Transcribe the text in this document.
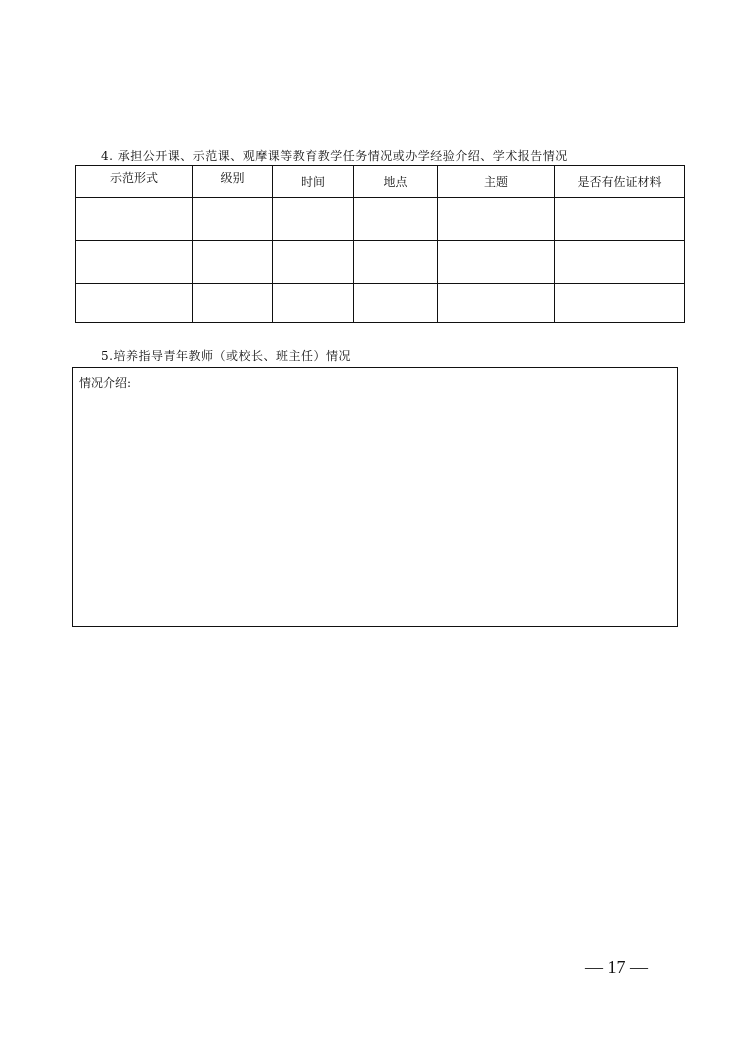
4. 承担公开课、示范课、观摩课等教育教学任务情况或办学经验介绍、学术报告情况
示范形式	级别	时间	地点	主题	是否有佐证材料

5.培养指导青年教师（或校长、班主任）情况
情况介绍:
— 17 —
